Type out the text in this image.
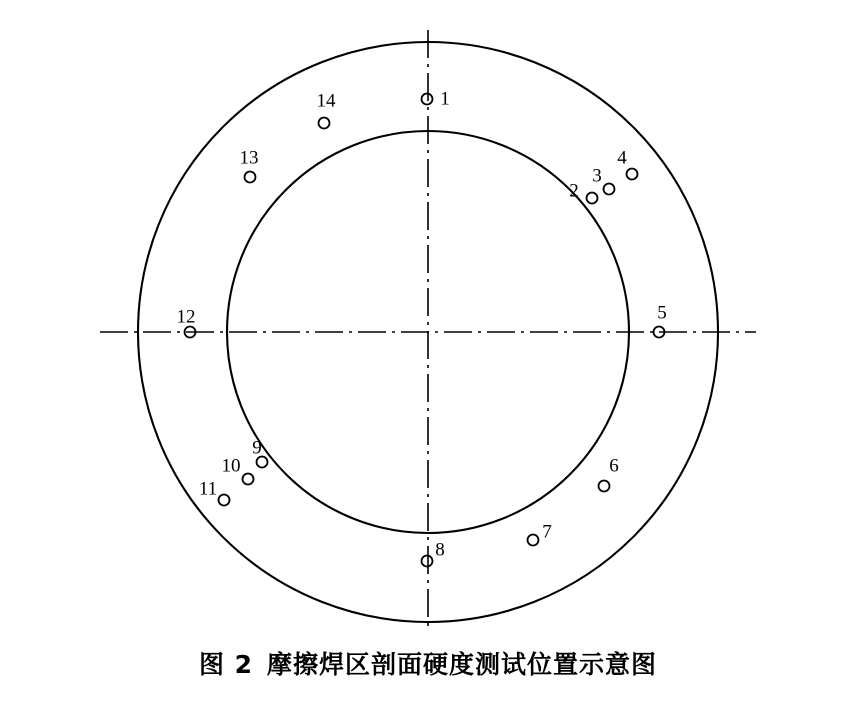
1
2
3
4
5
6
7
8
9
10
11
12
13
14
图 2 摩擦焊区剖面硬度测试位置示意图
